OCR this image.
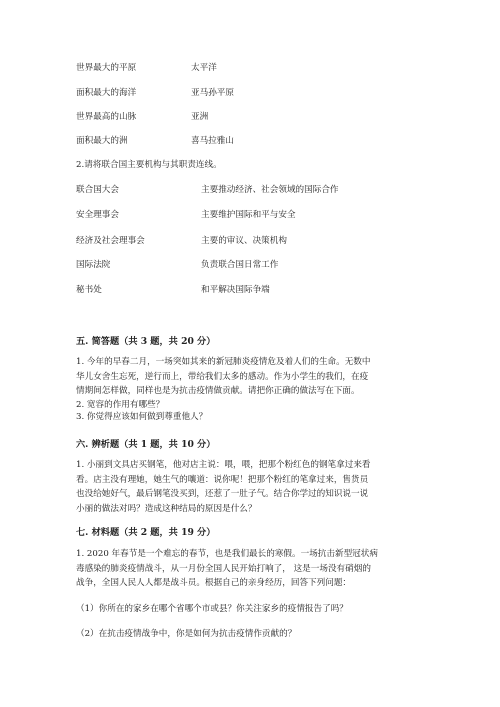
世界最大的平原	太平洋
面积最大的海洋	亚马孙平原
世界最高的山脉	亚洲
面积最大的洲	喜马拉雅山
2.请将联合国主要机构与其职责连线。
联合国大会	主要推动经济、社会领域的国际合作
安全理事会	主要维护国际和平与安全
经济及社会理事会	主要的审议、决策机构
国际法院	负责联合国日常工作
秘书处	和平解决国际争端
五. 简答题（共 3 题，共 20 分）
1. 今年的早春二月，一场突如其来的新冠肺炎疫情危及着人们的生命。无数中
华儿女舍生忘死，逆行而上，带给我们太多的感动。作为小学生的我们，在疫
情期间怎样做，同样也是为抗击疫情做贡献。请把你正确的做法写在下面。
2. 宽容的作用有哪些？
3. 你觉得应该如何做到尊重他人？
六. 辨析题（共 1 题，共 10 分）
1. 小丽到文具店买钢笔，他对店主说：喂，喂，把那个粉红色的钢笔拿过来看
看。店主没有理她，她生气的嚷道：说你呢！把那个粉红的笔拿过来，售货员
也没给她好气，最后钢笔没买到，还惹了一肚子气。结合你学过的知识说一说
小丽的做法对吗？造成这种结局的原因是什么？
七. 材料题（共 2 题，共 19 分）
1. 2020 年春节是一个难忘的春节，也是我们最长的寒假。一场抗击新型冠状病
毒感染的肺炎疫情战斗，从一月份全国人民开始打响了， 这是一场没有硝烟的
战争，全国人民人人都是战斗员。根据自己的亲身经历，回答下列问题：
（1）你所在的家乡在哪个省哪个市或县？你关注家乡的疫情报告了吗？
（2）在抗击疫情战争中，你是如何为抗击疫情作贡献的？
